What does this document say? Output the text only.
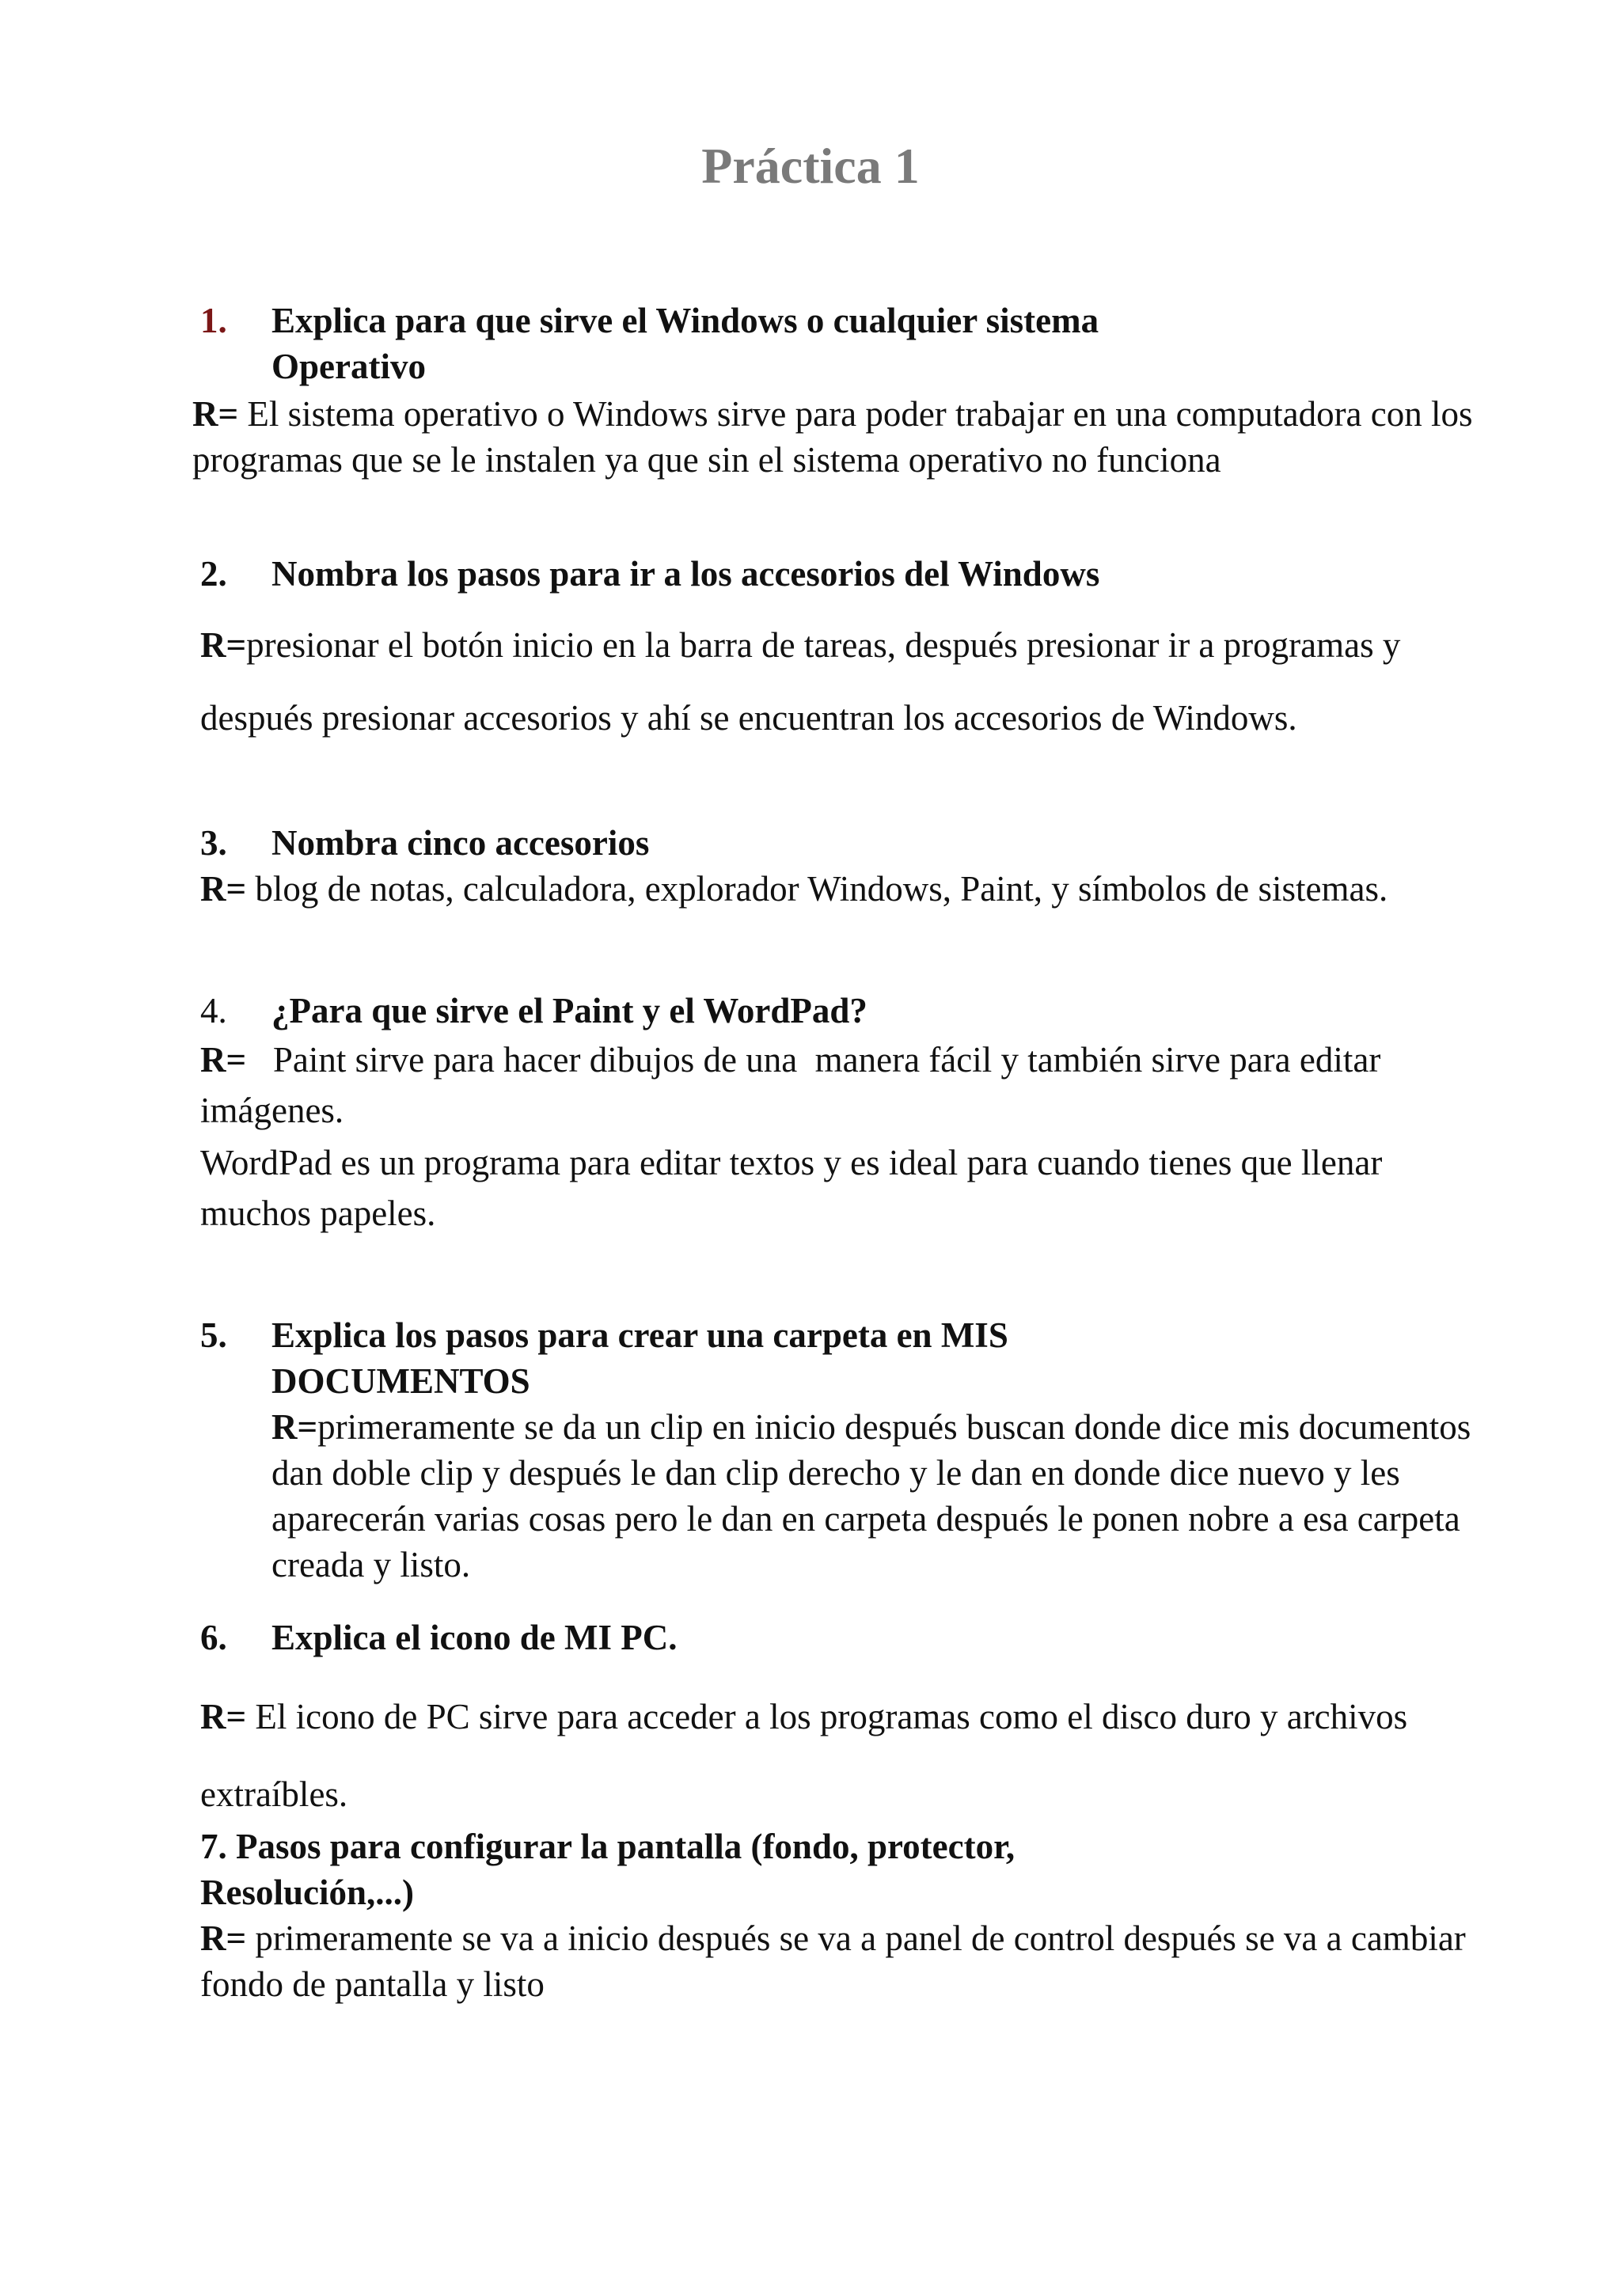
Práctica 1
1. Explica para que sirve el Windows o cualquier sistema
Operativo
R= El sistema operativo o Windows sirve para poder trabajar en una computadora con los
programas que se le instalen ya que sin el sistema operativo no funciona
2. Nombra los pasos para ir a los accesorios del Windows
R=presionar el botón inicio en la barra de tareas, después presionar ir a programas y
después presionar accesorios y ahí se encuentran los accesorios de Windows.
3. Nombra cinco accesorios
R= blog de notas, calculadora, explorador Windows, Paint, y símbolos de sistemas.
4. ¿Para que sirve el Paint y el WordPad?
R=   Paint sirve para hacer dibujos de una  manera fácil y también sirve para editar
imágenes.
WordPad es un programa para editar textos y es ideal para cuando tienes que llenar
muchos papeles.
5. Explica los pasos para crear una carpeta en MIS
DOCUMENTOS
R=primeramente se da un clip en inicio después buscan donde dice mis documentos
dan doble clip y después le dan clip derecho y le dan en donde dice nuevo y les
aparecerán varias cosas pero le dan en carpeta después le ponen nobre a esa carpeta
creada y listo.
6. Explica el icono de MI PC.
R= El icono de PC sirve para acceder a los programas como el disco duro y archivos
extraíbles.
7. Pasos para configurar la pantalla (fondo, protector,
Resolución,...)
R= primeramente se va a inicio después se va a panel de control después se va a cambiar
fondo de pantalla y listo
